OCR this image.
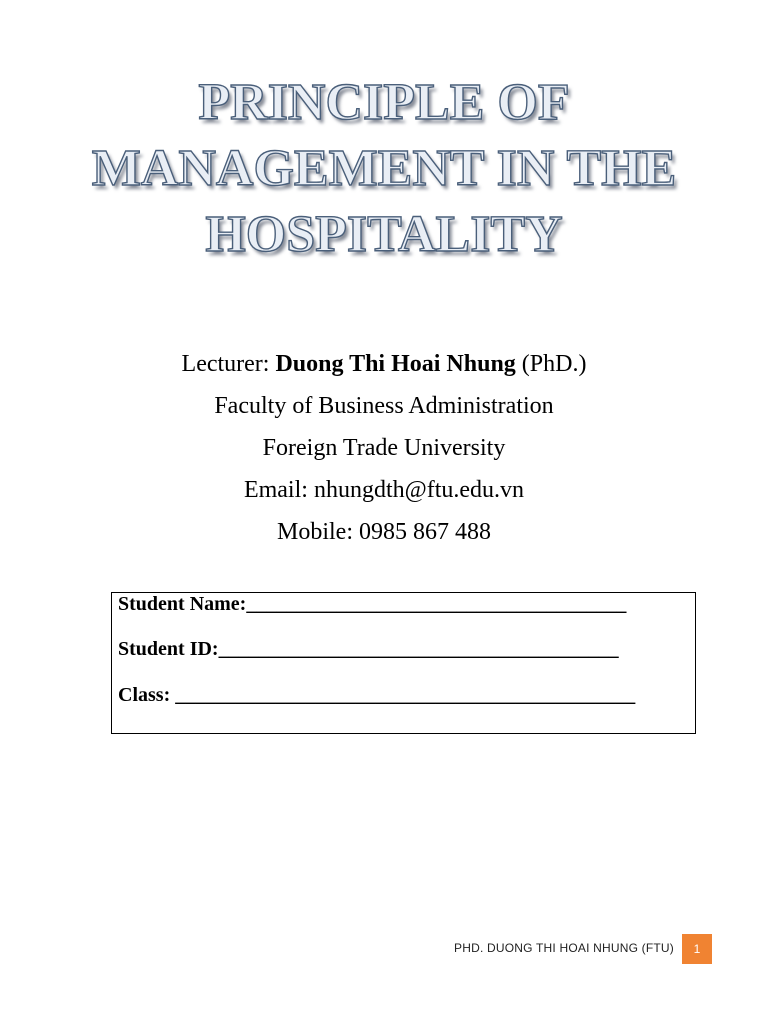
PRINCIPLE OF
MANAGEMENT IN THE
HOSPITALITY
Lecturer: Duong Thi Hoai Nhung (PhD.)
Faculty of Business Administration
Foreign Trade University
Email: nhungdth@ftu.edu.vn
Mobile: 0985 867 488
Student Name:______________________________________
Student ID:________________________________________
Class: ______________________________________________
PHD. DUONG THI HOAI NHUNG (FTU)	1
